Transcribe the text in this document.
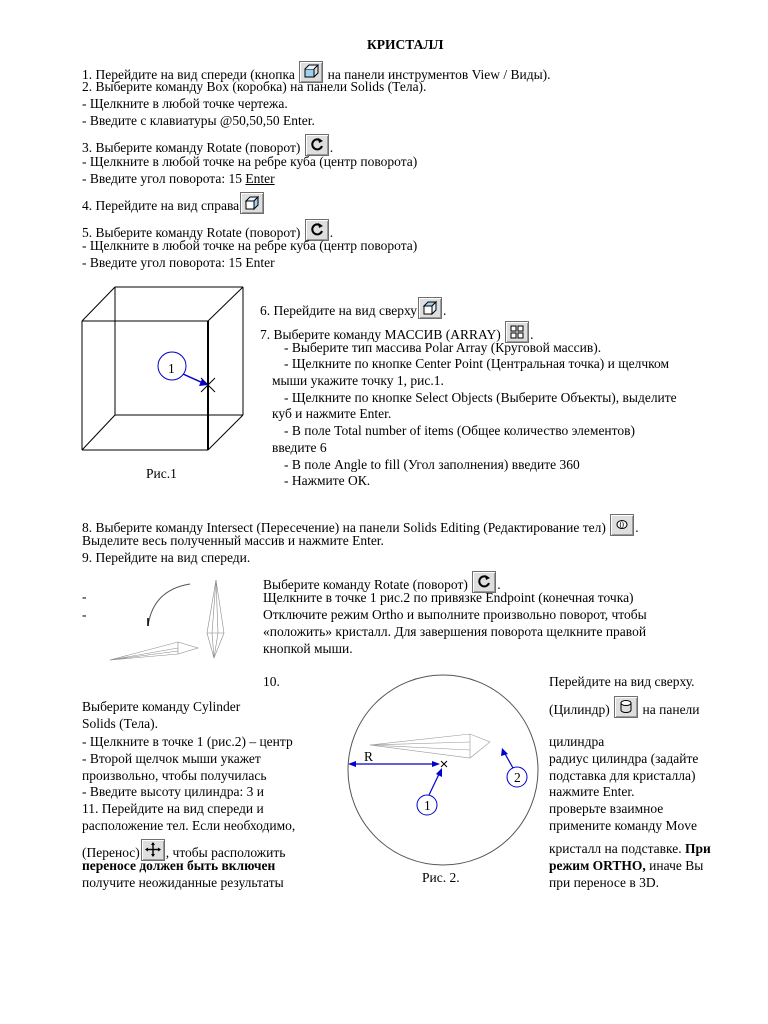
КРИСТАЛЛ
1. Перейдите на вид спереди (кнопка на панели инструментов View / Виды).
2. Выберите команду Box (коробка) на панели Solids (Тела).
- Щелкните в любой точке чертежа.
- Введите с клавиатуры @50,50,50 Enter.
3. Выберите команду Rotate (поворот) .
- Щелкните в любой точке на ребре куба (центр поворота)
- Введите угол поворота: 15 Enter
4. Перейдите на вид справа
5. Выберите команду Rotate (поворот) .
- Щелкните в любой точке на ребре куба (центр поворота)
- Введите угол поворота: 15 Enter
1
Рис.1
6. Перейдите на вид сверху .
7. Выберите команду МАССИВ (ARRAY) .
- Выберите тип массива Polar Array (Круговой массив).
- Щелкните по кнопке Center Point (Центральная точка) и щелчком
мыши укажите точку 1, рис.1.
- Щелкните по кнопке Select Objects (Выберите Объекты), выделите
куб и нажмите Enter.
- В поле Total number of items (Общее количество элементов)
введите 6
- В поле Angle to fill (Угол заполнения) введите 360
- Нажмите ОК.
8. Выберите команду Intersect (Пересечение) на панели Solids Editing (Редактирование тел) 0 .
Выделите весь полученный массив и нажмите Enter.
9. Перейдите на вид спереди.
-
-
Выберите команду Rotate (поворот) .
Щелкните в точке 1 рис.2 по привязке Endpoint (конечная точка)
Отключите режим Ortho и выполните произвольно поворот, чтобы
«положить» кристалл. Для завершения поворота щелкните правой
кнопкой мыши.
10.
Выберите команду Cylinder
Solids (Тела).
- Щелкните в точке 1 (рис.2) – центр
- Второй щелчок мыши укажет
произвольно, чтобы получилась
- Введите высоту цилиндра: 3 и
11. Перейдите на вид спереди и
расположение тел. Если необходимо,
(Перенос) , чтобы расположить
переносе должен быть включен
получите неожиданные результаты
R
1
2
Рис. 2.
Перейдите на вид сверху.
(Цилиндр) на панели
цилиндра
радиус цилиндра (задайте
подставка для кристалла)
нажмите Enter.
проверьте взаимное
примените команду Move
кристалл на подставке. При
режим ORTHO, иначе Вы
при переносе в 3D.
